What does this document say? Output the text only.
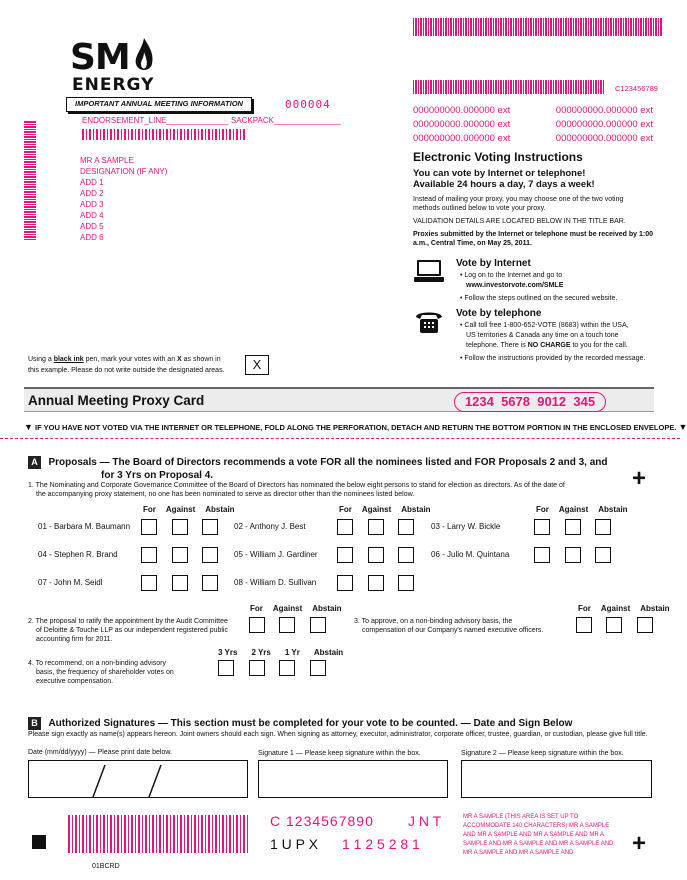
SM
ENERGY
IMPORTANT ANNUAL MEETING INFORMATION	000004
ENDORSEMENT_LINE______________ SACKPACK_______________
MR A SAMPLE
DESIGNATION (IF ANY)
ADD 1
ADD 2
ADD 3
ADD 4
ADD 5
ADD 6
C123456789
000000000.000000 ext	000000000.000000 ext
000000000.000000 ext	000000000.000000 ext
000000000.000000 ext	000000000.000000 ext
Electronic Voting Instructions
You can vote by Internet or telephone!
Available 24 hours a day, 7 days a week!
Instead of mailing your proxy, you may choose one of the two voting methods outlined below to vote your proxy.
VALIDATION DETAILS ARE LOCATED BELOW IN THE TITLE BAR.
Proxies submitted by the Internet or telephone must be received by 1:00 a.m., Central Time, on May 25, 2011.
Vote by Internet
• Log on to the Internet and go to
www.investorvote.com/SMLE
• Follow the steps outlined on the secured website.
Vote by telephone
• Call toll free 1-800-652-VOTE (8683) within the USA,
US territories & Canada any time on a touch tone
telephone. There is NO CHARGE to you for the call.
• Follow the instructions provided by the recorded message.
Using a black ink pen, mark your votes with an X as shown in
this example. Please do not write outside the designated areas.	X
Annual Meeting Proxy Card	1234  5678  9012  345
▼ IF YOU HAVE NOT VOTED VIA THE INTERNET OR TELEPHONE, FOLD ALONG THE PERFORATION, DETACH AND RETURN THE BOTTOM PORTION IN THE ENCLOSED ENVELOPE. ▼
A Proposals — The Board of Directors recommends a vote FOR all the nominees listed and FOR Proposals 2 and 3, and
for 3 Yrs on Proposal 4.	+
1. The Nominating and Corporate Governance Committee of the Board of Directors has nominated the below eight persons to stand for election as directors. As of the date of
the accompanying proxy statement, no one has been nominated to serve as director other than the nominees listed below.
For Against Abstain	For Against Abstain	For Against Abstain
01 - Barbara M. Baumann	02 - Anthony J. Best	03 - Larry W. Bickle
04 - Stephen R. Brand	05 - William J. Gardiner	06 - Julio M. Quintana
07 - John M. Seidl	08 - William D. Sullivan
For Against Abstain
2. The proposal to ratify the appointment by the Audit Committee
of Deloitte & Touche LLP as our independent registered public
accounting firm for 2011.
For Against Abstain
3. To approve, on a non-binding advisory basis, the
compensation of our Company's named executive officers.
3 Yrs 2 Yrs 1 Yr Abstain
4. To recommend, on a non-binding advisory
basis, the frequency of shareholder votes on
executive compensation.
B Authorized Signatures — This section must be completed for your vote to be counted. — Date and Sign Below
Please sign exactly as name(s) appears hereon. Joint owners should each sign. When signing as attorney, executor, administrator, corporate officer, trustee, guardian, or custodian, please give full title.
Date (mm/dd/yyyy) — Please print date below.	Signature 1 — Please keep signature within the box.	Signature 2 — Please keep signature within the box.
C 1234567890 J N T
1 U P X 1 1 2 5 2 8 1
MR A SAMPLE (THIS AREA IS SET UP TO ACCOMMODATE 140 CHARACTERS) MR A SAMPLE AND MR A SAMPLE AND MR A SAMPLE AND MR A SAMPLE AND MR A SAMPLE AND MR A SAMPLE AND MR A SAMPLE AND MR A SAMPLE AND	+
01BCRD
